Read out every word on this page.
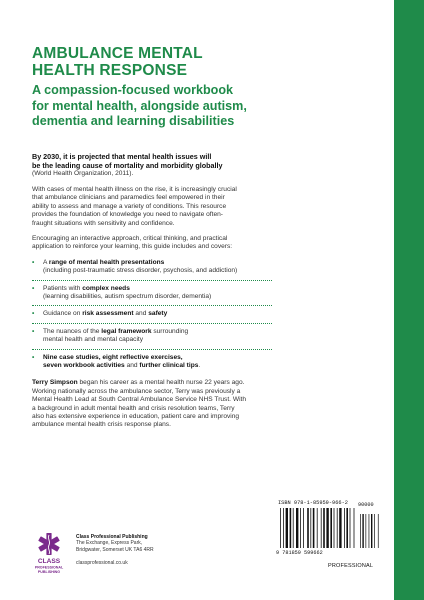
AMBULANCE MENTAL
HEALTH RESPONSE
A compassion-focused workbook
for mental health, alongside autism,
dementia and learning disabilities

By 2030, it is projected that mental health issues will
be the leading cause of mortality and morbidity globally

(World Health Organization, 2011).

With cases of mental health illness on the rise, it is increasingly crucial
that ambulance clinicians and paramedics feel empowered in their
ability to assess and manage a variety of conditions. This resource
provides the foundation of knowledge you need to navigate often-
fraught situations with sensitivity and confidence.

Encouraging an interactive approach, critical thinking, and practical
application to reinforce your learning, this guide includes and covers:

• A range of mental health presentations
(including post-traumatic stress disorder, psychosis, and addiction)
• Patients with complex needs
(learning disabilities, autism spectrum disorder, dementia)
• Guidance on risk assessment and safety
• The nuances of the legal framework surrounding
mental health and mental capacity
• Nine case studies, eight reflective exercises,
seven workbook activities and further clinical tips.

Terry Simpson began his career as a mental health nurse 22 years ago.
Working nationally across the ambulance sector, Terry was previously a
Mental Health Lead at South Central Ambulance Service NHS Trust. With
a background in adult mental health and crisis resolution teams, Terry
also has extensive experience in education, patient care and improving
ambulance mental health crisis response plans.

CLASS
PROFESSIONAL
PUBLISHING
Class Professional Publishing
The Exchange, Express Park,
Bridgwater, Somerset UK TA6 4RR

classprofessional.co.uk
ISBN 978-1-85959-966-2
9 781859 599662
90000
PROFESSIONAL
